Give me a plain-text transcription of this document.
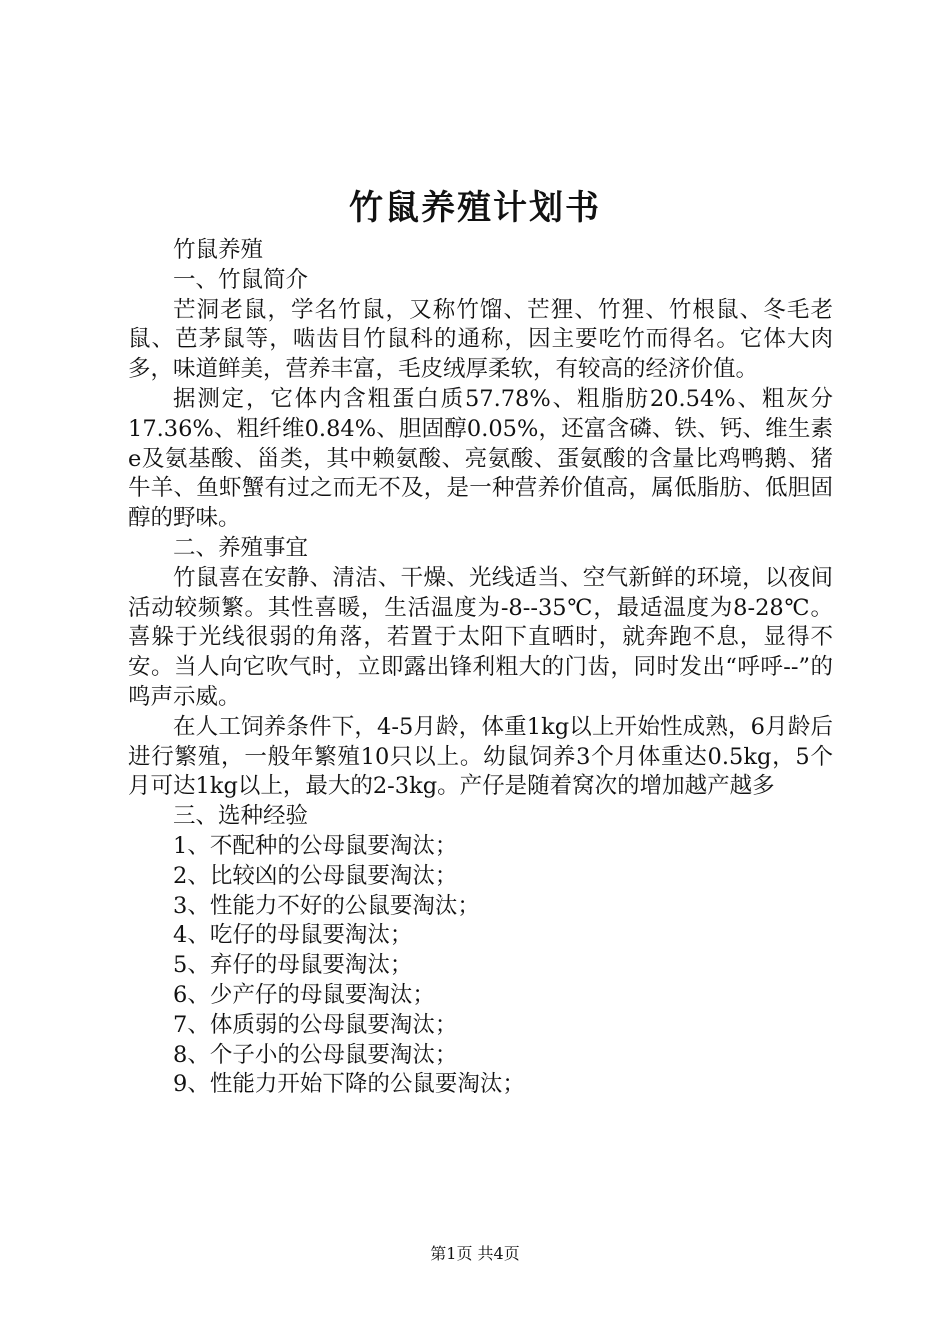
竹鼠养殖计划书

竹鼠养殖

一、竹鼠简介

芒洞老鼠，学名竹鼠，又称竹馏、芒狸、竹狸、竹根鼠、冬毛老鼠、芭茅鼠等，啮齿目竹鼠科的通称，因主要吃竹而得名。它体大肉多，味道鲜美，营养丰富，毛皮绒厚柔软，有较高的经济价值。

据测定，它体内含粗蛋白质57.78%、粗脂肪20.54%、粗灰分17.36%、粗纤维0.84%、胆固醇0.05%，还富含磷、铁、钙、维生素e及氨基酸、甾类，其中赖氨酸、亮氨酸、蛋氨酸的含量比鸡鸭鹅、猪牛羊、鱼虾蟹有过之而无不及，是一种营养价值高，属低脂肪、低胆固醇的野味。

二、养殖事宜

竹鼠喜在安静、清洁、干燥、光线适当、空气新鲜的环境，以夜间活动较频繁。其性喜暖，生活温度为-8--35℃，最适温度为8-28℃。喜躲于光线很弱的角落，若置于太阳下直晒时，就奔跑不息，显得不安。当人向它吹气时，立即露出锋利粗大的门齿，同时发出“呼呼--”的鸣声示威。

在人工饲养条件下，4-5月龄，体重1kg以上开始性成熟，6月龄后进行繁殖，一般年繁殖10只以上。幼鼠饲养3个月体重达0.5kg，5个月可达1kg以上，最大的2-3kg。产仔是随着窝次的增加越产越多

三、选种经验

1、不配种的公母鼠要淘汰；

2、比较凶的公母鼠要淘汰；

3、性能力不好的公鼠要淘汰；

4、吃仔的母鼠要淘汰；

5、弃仔的母鼠要淘汰；

6、少产仔的母鼠要淘汰；

7、体质弱的公母鼠要淘汰；

8、个子小的公母鼠要淘汰；

9、性能力开始下降的公鼠要淘汰；

第1页 共4页
